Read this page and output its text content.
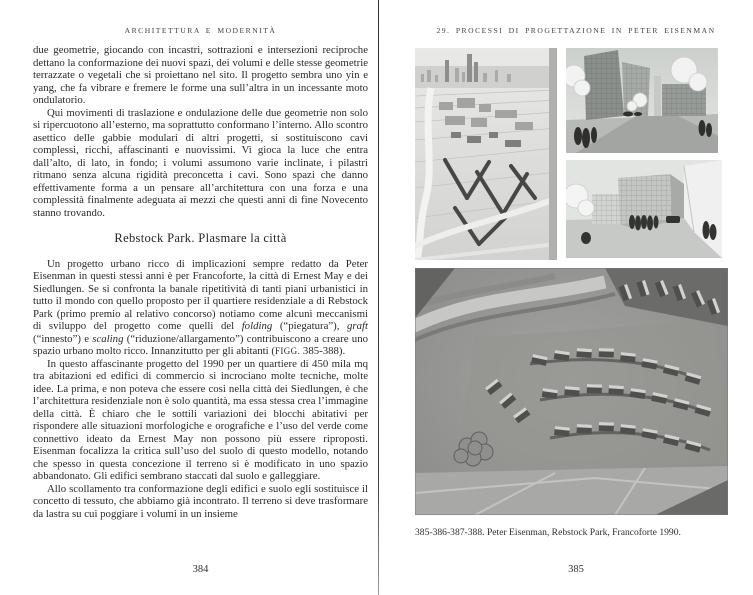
ARCHITETTURA E MODERNITÀ

due geometrie, giocando con incastri, sottrazioni e intersezioni reciproche dettano la conformazione dei nuovi spazi, dei volumi e delle stesse geometrie terrazzate o vegetali che si proiettano nel sito. Il progetto sembra uno yin e yang, che fa vibrare e fremere le forme una sull’altra in un incessante moto ondulatorio.

Qui movimenti di traslazione e ondulazione delle due geometrie non solo si ripercuotono all’esterno, ma soprattutto conformano l’interno. Allo scontro asettico delle gabbie modulari di altri progetti, si sostituiscono cavi complessi, ricchi, affascinanti e nuovissimi. Vi gioca la luce che entra dall’alto, di lato, in fondo; i volumi assumono varie inclinate, i pilastri ritmano senza alcuna rigidità preconcetta i cavi. Sono spazi che danno effettivamente forma a un pensare all’architettura con una forza e una complessità finalmente adeguata ai mezzi che questi anni di fine Novecento stanno trovando.

Rebstock Park. Plasmare la città

Un progetto urbano ricco di implicazioni sempre redatto da Peter Eisenman in questi stessi anni è per Francoforte, la città di Ernest May e dei Siedlungen. Se si confronta la banale ripetitività di tanti piani urbanistici in tutto il mondo con quello proposto per il quartiere residenziale a di Rebstock Park (primo premio al relativo concorso) notiamo come alcuni meccanismi di sviluppo del progetto come quelli del folding (“piegatura”), graft (“innesto”) e scaling (“riduzione/allargamento”) contribuiscono a creare uno spazio urbano molto ricco. Innanzitutto per gli abitanti (FIGG. 385-388).

In questo affascinante progetto del 1990 per un quartiere di 450 mila mq tra abitazioni ed edifici di commercio si incrociano molte tecniche, molte idee. La prima, e non poteva che essere cosi nella città dei Siedlungen, è che l’architettura residenziale non è solo quantità, ma essa stessa crea l’immagine della città. È chiaro che le sottili variazioni dei blocchi abitativi per rispondere alle situazioni morfologiche e orografiche e l’uso del verde come connettivo ideato da Ernest May non possono più essere riproposti. Eisenman focalizza la critica sull’uso del suolo di questo modello, notando che spesso in questa concezione il terreno si è modificato in uno spazio abbandonato. Gli edifici sembrano staccati dal suolo e galleggiare.

Allo scollamento tra conformazione degli edifici e suolo egli sostituisce il concetto di tessuto, che abbiamo già incontrato. Il terreno si deve trasformare da lastra su cui poggiare i volumi in un insieme

384
29. PROCESSI DI PROGETTAZIONE IN PETER EISENMAN
385-386-387-388. Peter Eisenman, Rebstock Park, Francoforte 1990.
385
